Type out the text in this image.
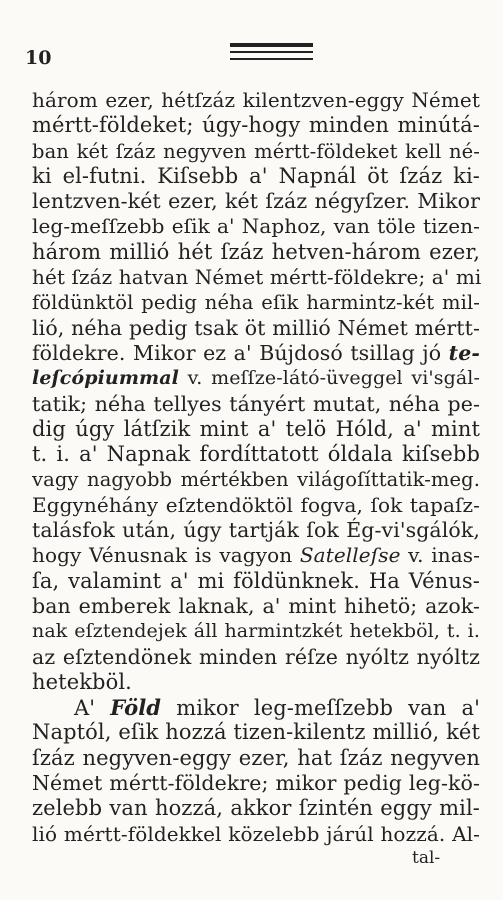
10
három ezer, hétſzáz kilentzven-eggy Német
mértt-földeket; úgy-hogy minden minútá-
ban két ſzáz negyven mértt-földeket kell né-
ki el-futni. Kiſsebb a' Napnál öt ſzáz ki-
lentzven-két ezer, két ſzáz négyſzer. Mikor
leg-meſſzebb eſik a' Naphoz, van töle tizen-
három millió hét ſzáz hetven-három ezer,
hét ſzáz hatvan Német mértt-földekre; a' mi
földünktöl pedig néha eſik harmintz-két mil-
lió, néha pedig tsak öt millió Német mértt-
földekre. Mikor ez a' Bújdosó tsillag jó te-
leſcópiummal v. meſſze-látó-üveggel vi'sgál-
tatik; néha tellyes tányért mutat, néha pe-
dig úgy látſzik mint a' telö Hóld, a' mint
t. i. a' Napnak fordíttatott óldala kiſsebb
vagy nagyobb mértékben világoſíttatik-meg.
Eggynéhány eſztendöktöl fogva, ſok tapaſz-
talásfok után, úgy tartják ſok Ég-vi'sgálók,
hogy Vénusnak is vagyon Satelleſse v. inas-
ſa, valamint a' mi földünknek. Ha Vénus-
ban emberek laknak, a' mint hihetö; azok-
nak eſztendejek áll harmintzkét hetekböl, t. i.
az eſztendönek minden réſze nyóltz nyóltz
hetekböl.
A' Föld mikor leg-meſſzebb van a'
Naptól, eſik hozzá tizen-kilentz millió, két
ſzáz negyven-eggy ezer, hat ſzáz negyven
Német mértt-földekre; mikor pedig leg-kö-
zelebb van hozzá, akkor ſzintén eggy mil-
lió mértt-földekkel közelebb járúl hozzá. Al-
tal-
